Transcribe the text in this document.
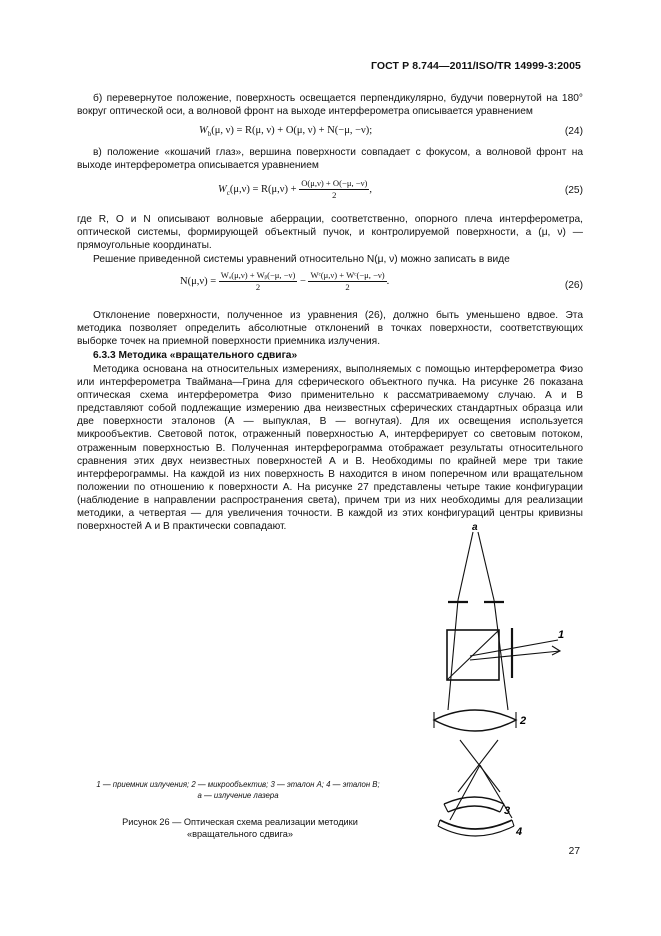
ГОСТ Р 8.744—2011/ISO/TR 14999-3:2005
б) перевернутое положение, поверхность освещается перпендикулярно, будучи повернутой на 180° вокруг оптической оси, а волновой фронт на выходе интерферометра описывается уравнением
$W_b(\mu$, ν) = R(μ, ν) + O(μ, ν) + N(−μ, −ν);	(24)
в) положение «кошачий глаз», вершина поверхности совпадает с фокусом, а волновой фронт на выходе интерферометра описывается уравнением
$W_c(\mu,\nu) = R(\mu,\nu) + \frac{O(\mu,\nu) + O(-\mu, -\nu)}{2}$ ,	(25)
где R, O и N описывают волновые аберрации, соответственно, опорного плеча интерферометра, оптической системы, формирующей объектный пучок, и контролируемой поверхности, а (μ, ν) — прямоугольные координаты.
Решение приведенной системы уравнений относительно N(μ, ν) можно записать в виде
$N(\mu,\nu) = \frac{\text{Wₐ(μ,ν) + Wᵦ(−μ, −ν)}}{2} - \frac{\text{Wᶜ(μ,ν) + Wᶜ(−μ, −ν)}}{2}$ .	(26)
Отклонение поверхности, полученное из уравнения (26), должно быть уменьшено вдвое. Эта методика позволяет определить абсолютные отклонений в точках поверхности, соответствующих выборке точек на приемной поверхности приемника излучения.
6.3.3 Методика «вращательного сдвига»
Методика основана на относительных измерениях, выполняемых с помощью интерферометра Физо или интерферометра Тваймана—Грина для сферического объектного пучка. На рисунке 26 показана оптическая схема интерферометра Физо применительно к рассматриваемому случаю. А и В представляют собой подлежащие измерению два неизвестных сферических стандартных образца или две поверхности эталонов (А — выпуклая, В — вогнутая). Для их освещения используется микрообъектив. Световой поток, отраженный поверхностью А, интерферирует со световым потоком, отраженным поверхностью В. Полученная интерферограмма отображает результаты относительного сравнения этих двух неизвестных поверхностей А и В. Необходимы по крайней мере три такие интерферограммы. На каждой из них поверхность В находится в ином поперечном или вращательном положении по отношению к поверхности А. На рисунке 27 представлены четыре такие конфигурации (наблюдение в направлении распространения света), причем три из них необходимы для реализации методики, а четвертая — для увеличения точности. В каждой из этих конфигураций центры кривизны поверхностей А и В практически совпадают.	a
1
2
3
4
1 — приемник излучения; 2 — микрообъектив; 3 — эталон А; 4 — эталон В;
a — излучение лазера
Рисунок 26 — Оптическая схема реализации методики
«вращательного сдвига»
27
